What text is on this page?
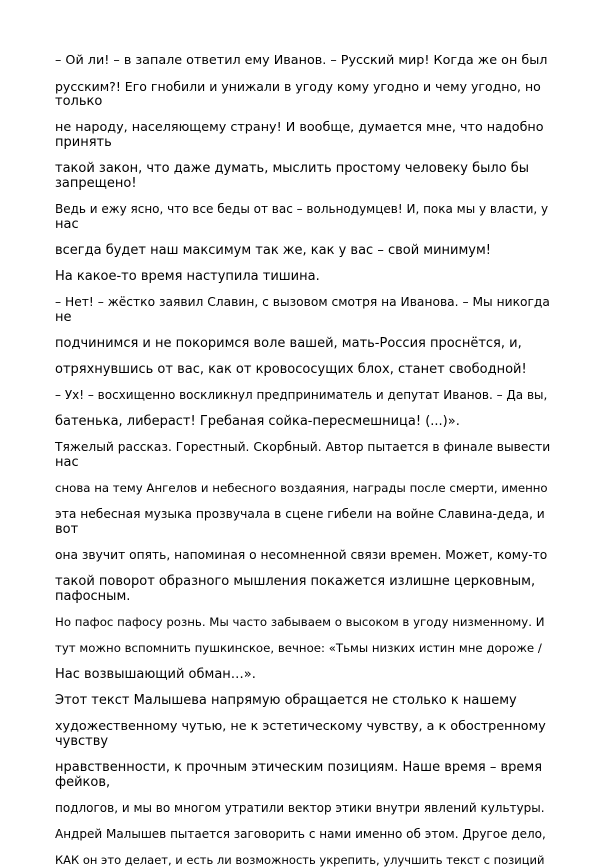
– Ой ли! – в запале ответил ему Иванов. – Русский мир! Когда же он был

русским?! Его гнобили и унижали в угоду кому угодно и чему угодно, но

только

не народу, населяющему страну! И вообще, думается мне, что надобно

принять

такой закон, что даже думать, мыслить простому человеку было бы

запрещено!

Ведь и ежу ясно, что все беды от вас – вольнодумцев! И, пока мы у власти, у

нас

всегда будет наш максимум так же, как у вас – свой минимум!

На какое-то время наступила тишина.

– Нет! – жёстко заявил Славин, с вызовом смотря на Иванова. – Мы никогда

не

подчинимся и не покоримся воле вашей, мать-Россия проснётся, и,

отряхнувшись от вас, как от кровососущих блох, станет свободной!

– Ух! – восхищенно воскликнул предприниматель и депутат Иванов. – Да вы,

батенька, либераст! Гребаная сойка-пересмешница! (...)».

Тяжелый рассказ. Горестный. Скорбный. Автор пытается в финале вывести

нас

снова на тему Ангелов и небесного воздаяния, награды после смерти, именно

эта небесная музыка прозвучала в сцене гибели на войне Славина-деда, и

вот

она звучит опять, напоминая о несомненной связи времен. Может, кому-то

такой поворот образного мышления покажется излишне церковным,

пафосным.

Но пафос пафосу рознь. Мы часто забываем о высоком в угоду низменному. И

тут можно вспомнить пушкинское, вечное: «Тьмы низких истин мне дороже /

Нас возвышающий обман…».

Этот текст Малышева напрямую обращается не столько к нашему

художественному чутью, не к эстетическому чувству, а к обостренному

чувству

нравственности, к прочным этическим позициям. Наше время – время

фейков,

подлогов, и мы во многом утратили вектор этики внутри явлений культуры.

Андрей Малышев пытается заговорить с нами именно об этом. Другое дело,

КАК он это делает, и есть ли возможность укрепить, улучшить текст с позиций
